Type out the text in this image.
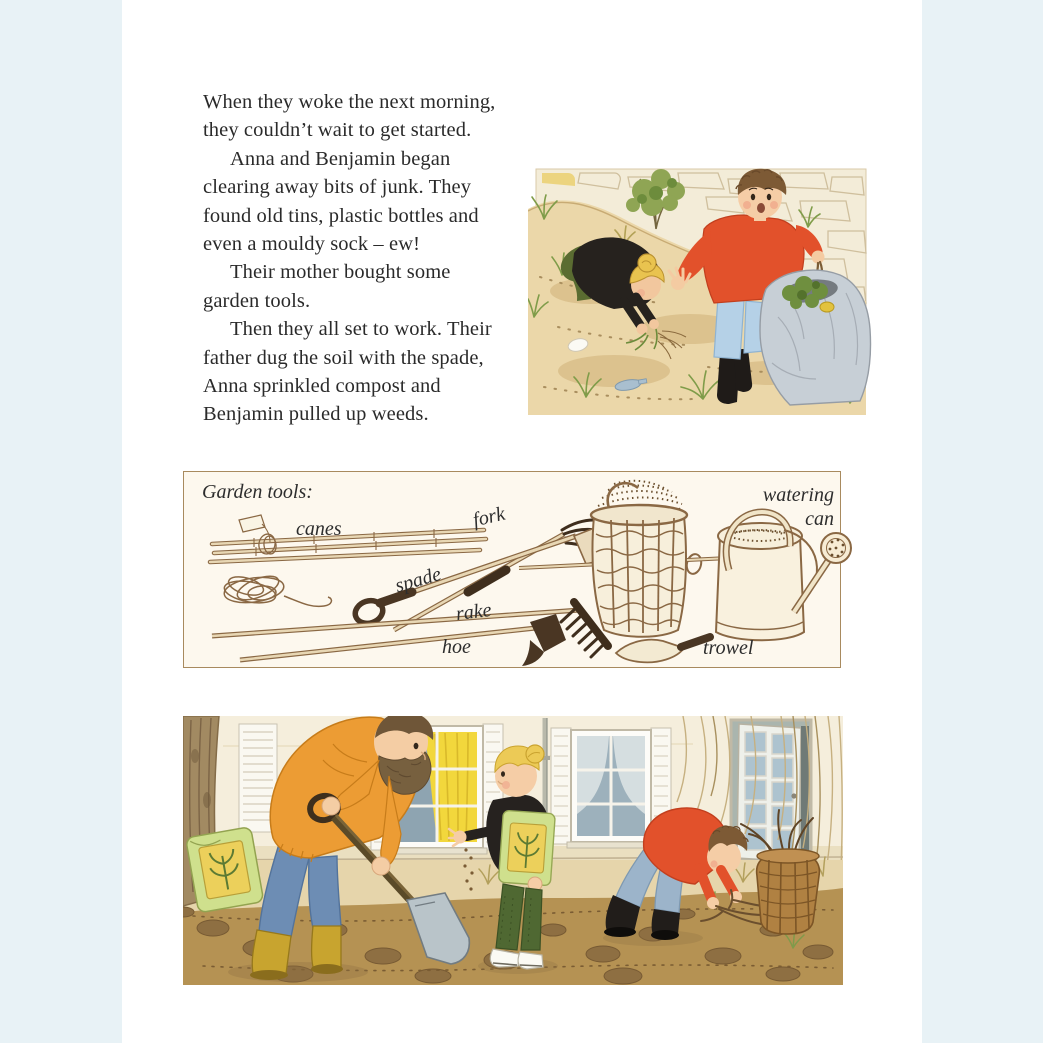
When they woke the next morning,
they couldn’t wait to get started.
Anna and Benjamin began
clearing away bits of junk. They
found old tins, plastic bottles and
even a mouldy sock – ew!
Their mother bought some
garden tools.
Then they all set to work. Their
father dug the soil with the spade,
Anna sprinkled compost and
Benjamin pulled up weeds.
Garden tools:
canes	fork
spade
rake
hoe	trowel
watering can
